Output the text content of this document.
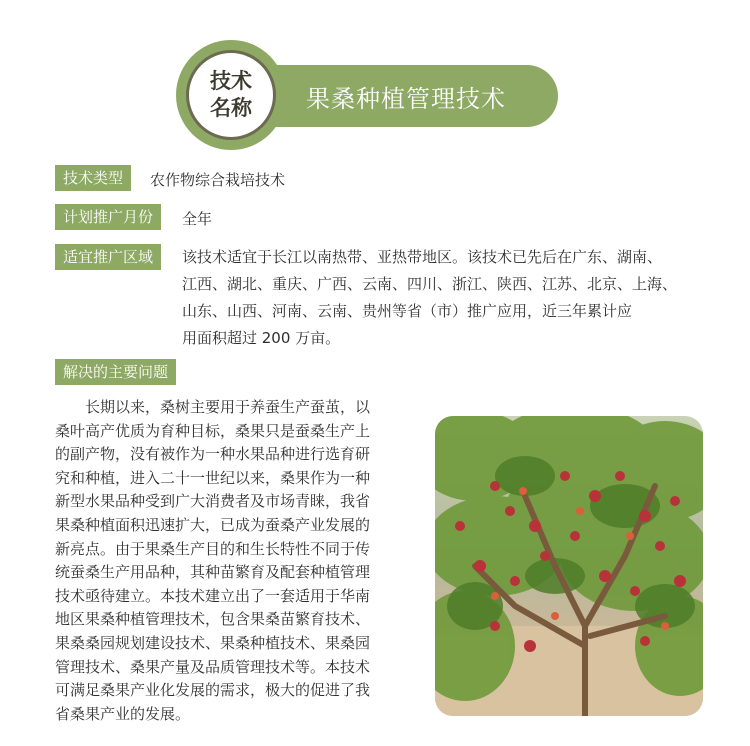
果桑种植管理技术
技术
名称
技术类型	农作物综合栽培技术
计划推广月份	全年
适宜推广区域	该技术适宜于长江以南热带、亚热带地区。该技术已先后在广东、湖南、
江西、湖北、重庆、广西、云南、四川、浙江、陕西、江苏、北京、上海、
山东、山西、河南、云南、贵州等省（市）推广应用，近三年累计应
用面积超过 200 万亩。
解决的主要问题
　　长期以来，桑树主要用于养蚕生产蚕茧，以
桑叶高产优质为育种目标，桑果只是蚕桑生产上
的副产物，没有被作为一种水果品种进行选育研
究和种植，进入二十一世纪以来，桑果作为一种
新型水果品种受到广大消费者及市场青睐，我省
果桑种植面积迅速扩大，已成为蚕桑产业发展的
新亮点。由于果桑生产目的和生长特性不同于传
统蚕桑生产用品种，其种苗繁育及配套种植管理
技术亟待建立。本技术建立出了一套适用于华南
地区果桑种植管理技术，包含果桑苗繁育技术、
果桑桑园规划建设技术、果桑种植技术、果桑园
管理技术、桑果产量及品质管理技术等。本技术
可满足桑果产业化发展的需求，极大的促进了我
省桑果产业的发展。
